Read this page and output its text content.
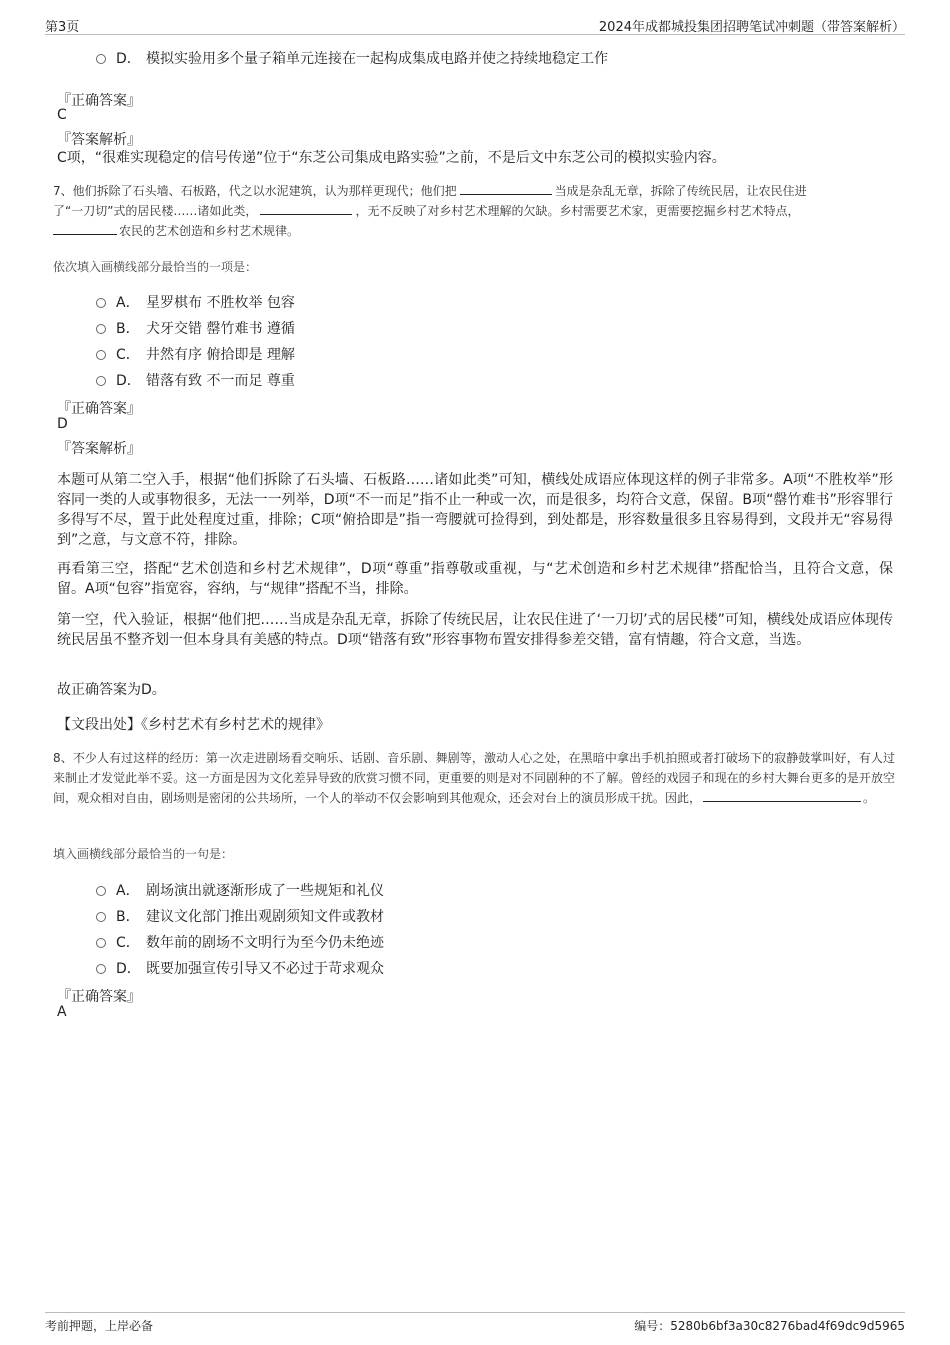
第3页	2024年成都城投集团招聘笔试冲刺题（带答案解析）
D． 模拟实验用多个量子箱单元连接在一起构成集成电路并使之持续地稳定工作
『正确答案』
C
『答案解析』
C项，“很难实现稳定的信号传递”位于“东芝公司集成电路实验”之前，不是后文中东芝公司的模拟实验内容。
7、他们拆除了石头墙、石板路，代之以水泥建筑，认为那样更现代；他们把	当成是杂乱无章，拆除了传统民居，让农民住进
了“一刀切”式的居民楼……诸如此类，	，无不反映了对乡村艺术理解的欠缺。乡村需要艺术家，更需要挖掘乡村艺术特点，
农民的艺术创造和乡村艺术规律。
依次填入画横线部分最恰当的一项是：
A． 星罗棋布 不胜枚举 包容
B． 犬牙交错 罄竹难书 遵循
C． 井然有序 俯拾即是 理解
D． 错落有致 不一而足 尊重
『正确答案』
D
『答案解析』
本题可从第二空入手，根据“他们拆除了石头墙、石板路……诸如此类”可知，横线处成语应体现这样的例子非常多。A项“不胜枚举”形容同一类的人或事物很多，无法一一列举，D项“不一而足”指不止一种或一次，而是很多，均符合文意，保留。B项“罄竹难书”形容罪行多得写不尽，置于此处程度过重，排除；C项“俯拾即是”指一弯腰就可捡得到，到处都是，形容数量很多且容易得到，文段并无“容易得到”之意，与文意不符，排除。
再看第三空，搭配“艺术创造和乡村艺术规律”，D项“尊重”指尊敬或重视，与“艺术创造和乡村艺术规律”搭配恰当，且符合文意，保留。A项“包容”指宽容，容纳，与“规律”搭配不当，排除。
第一空，代入验证，根据“他们把……当成是杂乱无章，拆除了传统民居，让农民住进了‘一刀切’式的居民楼”可知，横线处成语应体现传统民居虽不整齐划一但本身具有美感的特点。D项“错落有致”形容事物布置安排得参差交错，富有情趣，符合文意，当选。
故正确答案为D。
【文段出处】《乡村艺术有乡村艺术的规律》
8、不少人有过这样的经历：第一次走进剧场看交响乐、话剧、音乐剧、舞剧等，激动人心之处，在黑暗中拿出手机拍照或者打破场下的寂静鼓掌叫好，有人过来制止才发觉此举不妥。这一方面是因为文化差异导致的欣赏习惯不同，更重要的则是对不同剧种的不了解。曾经的戏园子和现在的乡村大舞台更多的是开放空间，观众相对自由，剧场则是密闭的公共场所，一个人的举动不仅会影响到其他观众，还会对台上的演员形成干扰。因此，	。
填入画横线部分最恰当的一句是：
A． 剧场演出就逐渐形成了一些规矩和礼仪
B． 建议文化部门推出观剧须知文件或教材
C． 数年前的剧场不文明行为至今仍未绝迹
D． 既要加强宣传引导又不必过于苛求观众
『正确答案』
A
考前押题，上岸必备	编号：5280b6bf3a30c8276bad4f69dc9d5965
